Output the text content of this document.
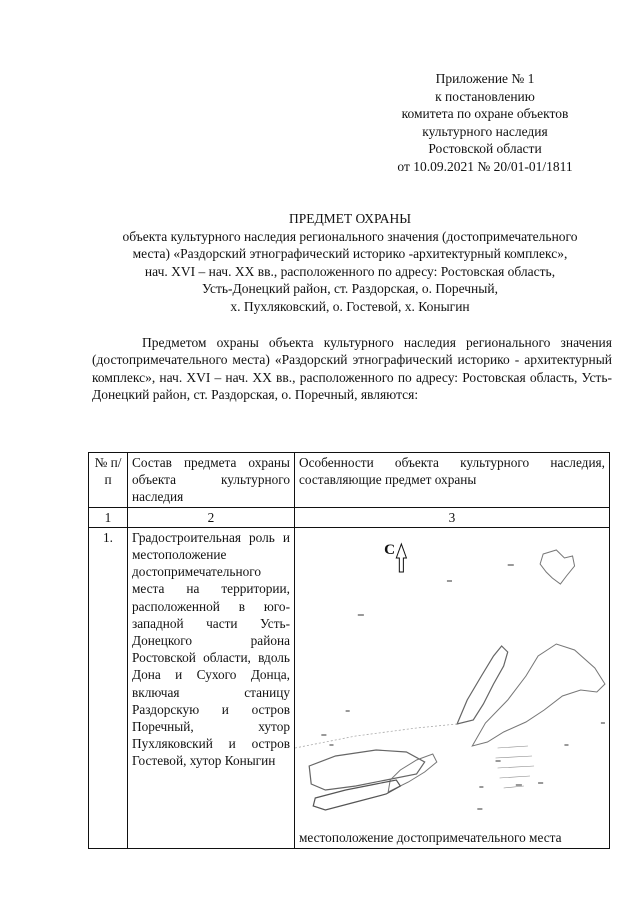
Приложение № 1
к постановлению
комитета по охране объектов
культурного наследия
Ростовской области
от 10.09.2021 № 20/01-01/1811
ПРЕДМЕТ ОХРАНЫ
объекта культурного наследия регионального значения (достопримечательного
места) «Раздорский этнографический историко -архитектурный комплекс»,
нач. XVI – нач. XX вв., расположенного по адресу: Ростовская область,
Усть-Донецкий район, ст. Раздорская, о. Поречный,
х. Пухляковский, о. Гостевой, х. Коныгин

Предметом охраны объекта культурного наследия регионального значения (достопримечательного места) «Раздорский этнографический историко - архитектурный комплекс», нач. XVI – нач. XX вв., расположенного по адресу: Ростовская область, Усть-Донецкий район, ст. Раздорская, о. Поречный, являются:

№ п/п	Состав предмета охраны объекта культурного наследия	Особенности объекта культурного наследия, составляющие предмет охраны
1	2	3
1.	Градостроительная роль и местоположение достопримечательного места на территории, расположенной в юго-западной части Усть-Донецкого района Ростовской области, вдоль Дона и Сухого Донца, включая станицу Раздорскую и остров Поречный, хутор Пухляковский и остров Гостевой, хутор Коныгин	С
местоположение достопримечательного места
